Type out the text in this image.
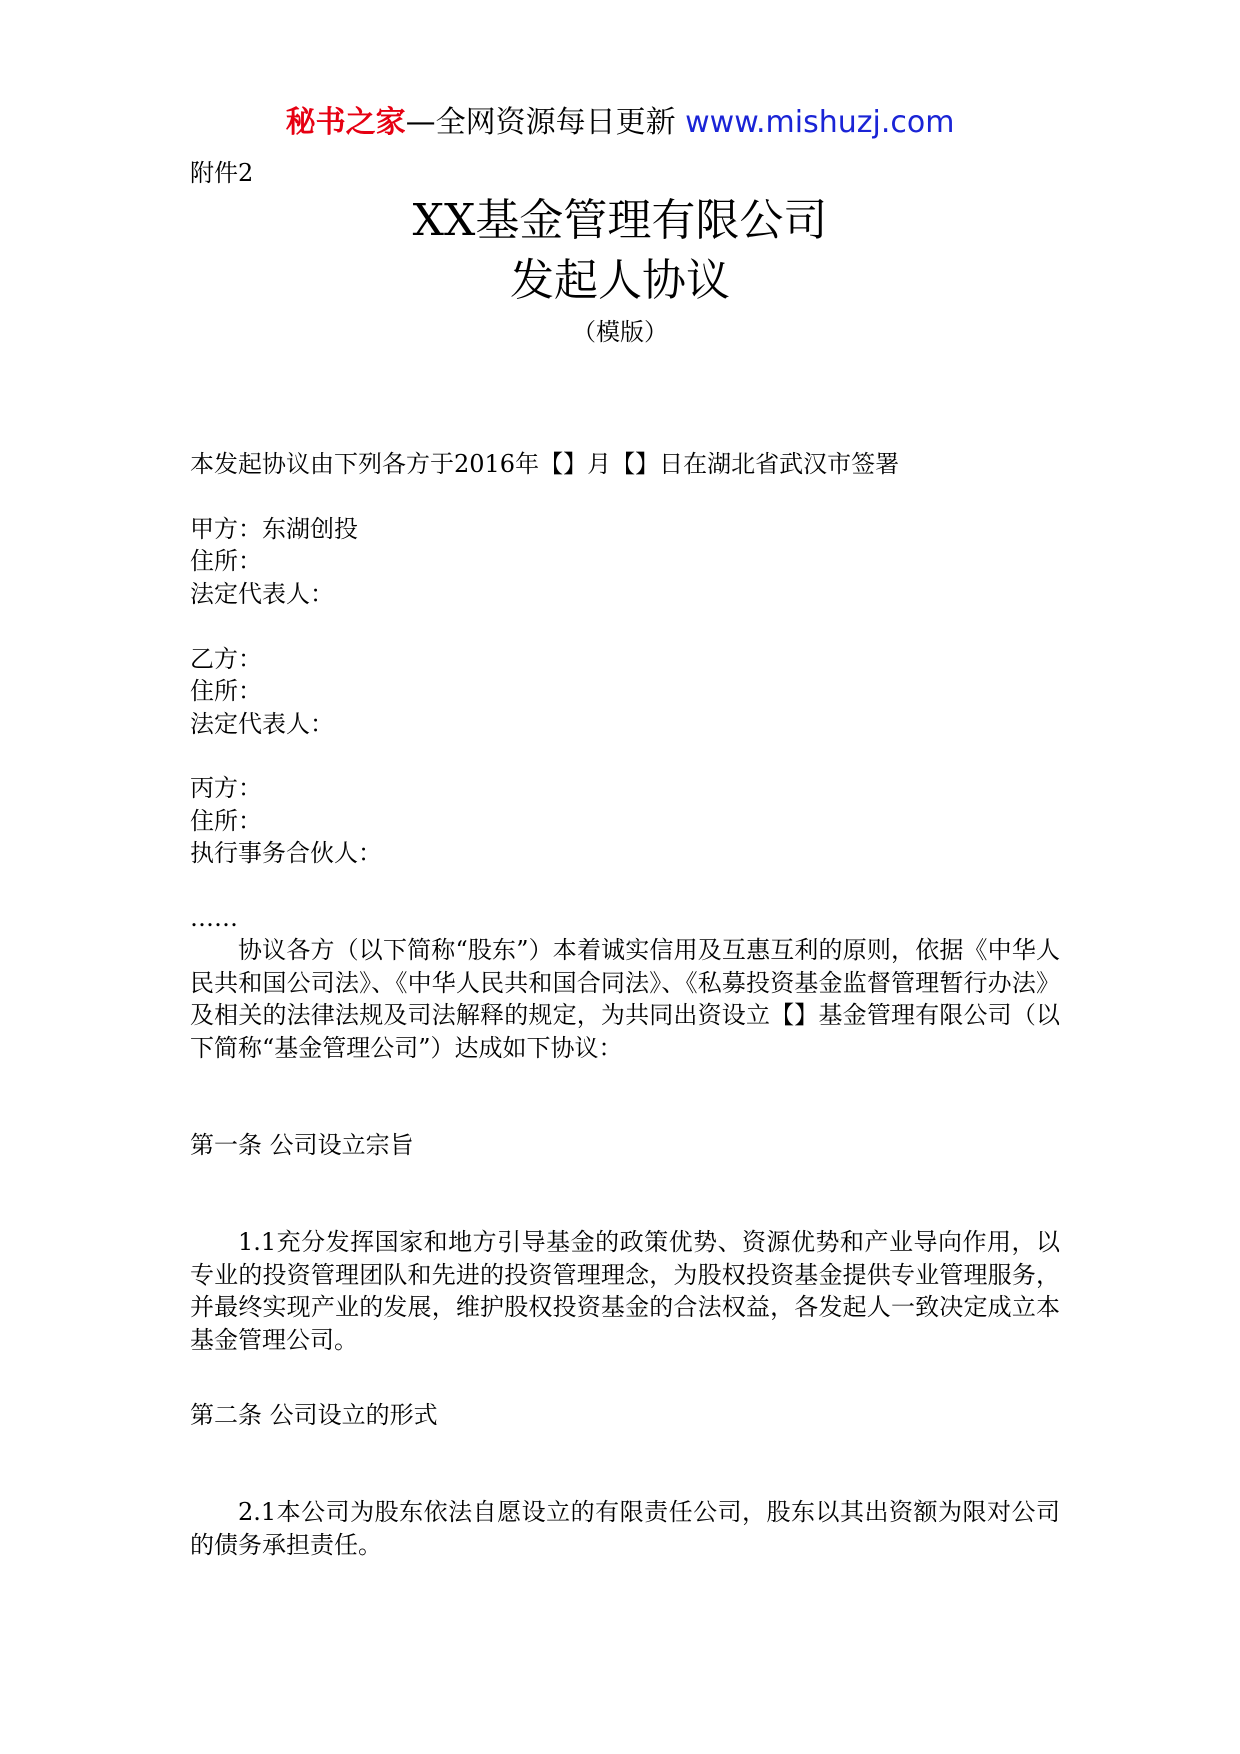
秘书之家—全网资源每日更新 www.mishuzj.com
附件2
XX基金管理有限公司
发起人协议
（模版）
本发起协议由下列各方于2016年【】月【】日在湖北省武汉市签署
甲方：东湖创投
住所：
法定代表人：
乙方：
住所：
法定代表人：
丙方：
住所：
执行事务合伙人：
……
协议各方（以下简称“股东”）本着诚实信用及互惠互利的原则，依据《中华人民共和国公司法》、《中华人民共和国合同法》、《私募投资基金监督管理暂行办法》及相关的法律法规及司法解释的规定，为共同出资设立【】基金管理有限公司（以下简称“基金管理公司”）达成如下协议：
第一条 公司设立宗旨
1.1充分发挥国家和地方引导基金的政策优势、资源优势和产业导向作用，以专业的投资管理团队和先进的投资管理理念，为股权投资基金提供专业管理服务，并最终实现产业的发展，维护股权投资基金的合法权益，各发起人一致决定成立本基金管理公司。
第二条 公司设立的形式
2.1本公司为股东依法自愿设立的有限责任公司，股东以其出资额为限对公司的债务承担责任。
